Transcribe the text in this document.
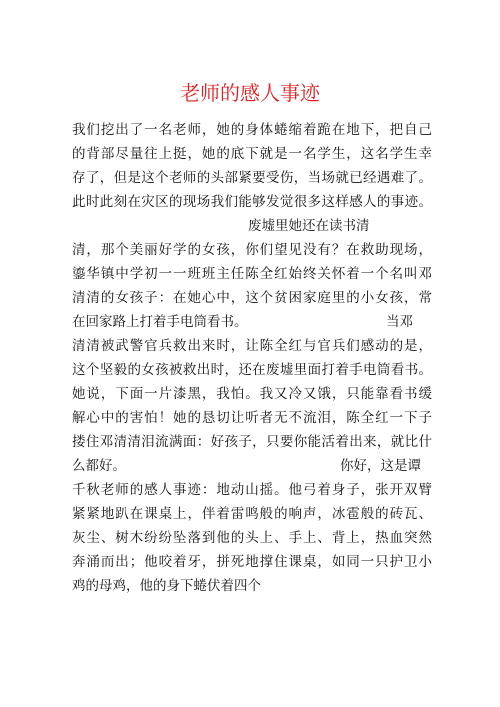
老师的感人事迹
我们挖出了一名老师，她的身体蜷缩着跪在地下，把自己
的背部尽量往上挺，她的底下就是一名学生，这名学生幸
存了，但是这个老师的头部紧要受伤，当场就已经遇难了。
此时此刻在灾区的现场我们能够发觉很多这样感人的事迹。
废墟里她还在读书清
清，那个美丽好学的女孩，你们望见没有？在救助现场，
鎏华镇中学初一一班班主任陈全红始终关怀着一个名叫邓
清清的女孩子：在她心中，这个贫困家庭里的小女孩，常
在回家路上打着手电筒看书。	当邓
清清被武警官兵救出来时，让陈全红与官兵们感动的是，
这个坚毅的女孩被救出时，还在废墟里面打着手电筒看书。
她说，下面一片漆黑，我怕。我又冷又饿，只能靠看书缓
解心中的害怕！她的恳切让听者无不流泪，陈全红一下子
搂住邓清清泪流满面：好孩子，只要你能活着出来，就比什
么都好。	你好，这是谭
千秋老师的感人事迹：地动山摇。他弓着身子，张开双臂
紧紧地趴在课桌上，伴着雷鸣般的响声，冰雹般的砖瓦、
灰尘、树木纷纷坠落到他的头上、手上、背上，热血突然
奔涌而出；他咬着牙，拼死地撑住课桌，如同一只护卫小
鸡的母鸡，他的身下蜷伏着四个
